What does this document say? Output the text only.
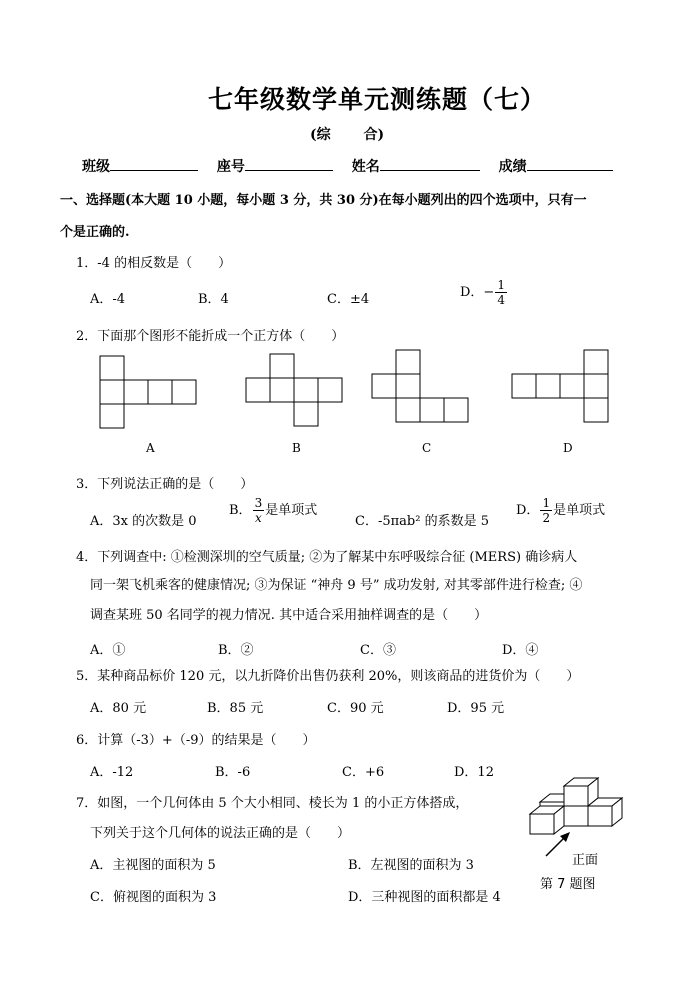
七年级数学单元测练题（七）
(综 合)
班级	座号	姓名	成绩
一、选择题(本大题 10 小题，每小题 3 分，共 30 分)在每小题列出的四个选项中，只有一
个是正确的.
1．-4 的相反数是（　　）
A．-4	B．4	C．±4	D．− $\frac{1}{4}$
2．下面那个图形不能折成一个正方体（　　）
A	B	C	D
3．下列说法正确的是（　　）
A．3x 的次数是 0
B． $\frac{3}{x}$ 是单项式
C．-5πab² 的系数是 5
D． $\frac{1}{2}$ 是单项式
4．下列调查中: ①检测深圳的空气质量; ②为了解某中东呼吸综合征 (MERS) 确诊病人
同一架飞机乘客的健康情况; ③为保证 “神舟 9 号” 成功发射, 对其零部件进行检查; ④
调查某班 50 名同学的视力情况. 其中适合采用抽样调查的是（　　）
A．①	B．②	C．③	D．④
5．某种商品标价 120 元，以九折降价出售仍获利 20%，则该商品的进货价为（　　）
A．80 元	B．85 元	C．90 元	D．95 元
6．计算（-3）+（-9）的结果是（　　）
A．-12	B．-6	C．+6	D．12
7．如图，一个几何体由 5 个大小相同、棱长为 1 的小正方体搭成，
下列关于这个几何体的说法正确的是（　　）
A．主视图的面积为 5	B．左视图的面积为 3
C．俯视图的面积为 3	D．三种视图的面积都是 4
正面
第 7 题图
